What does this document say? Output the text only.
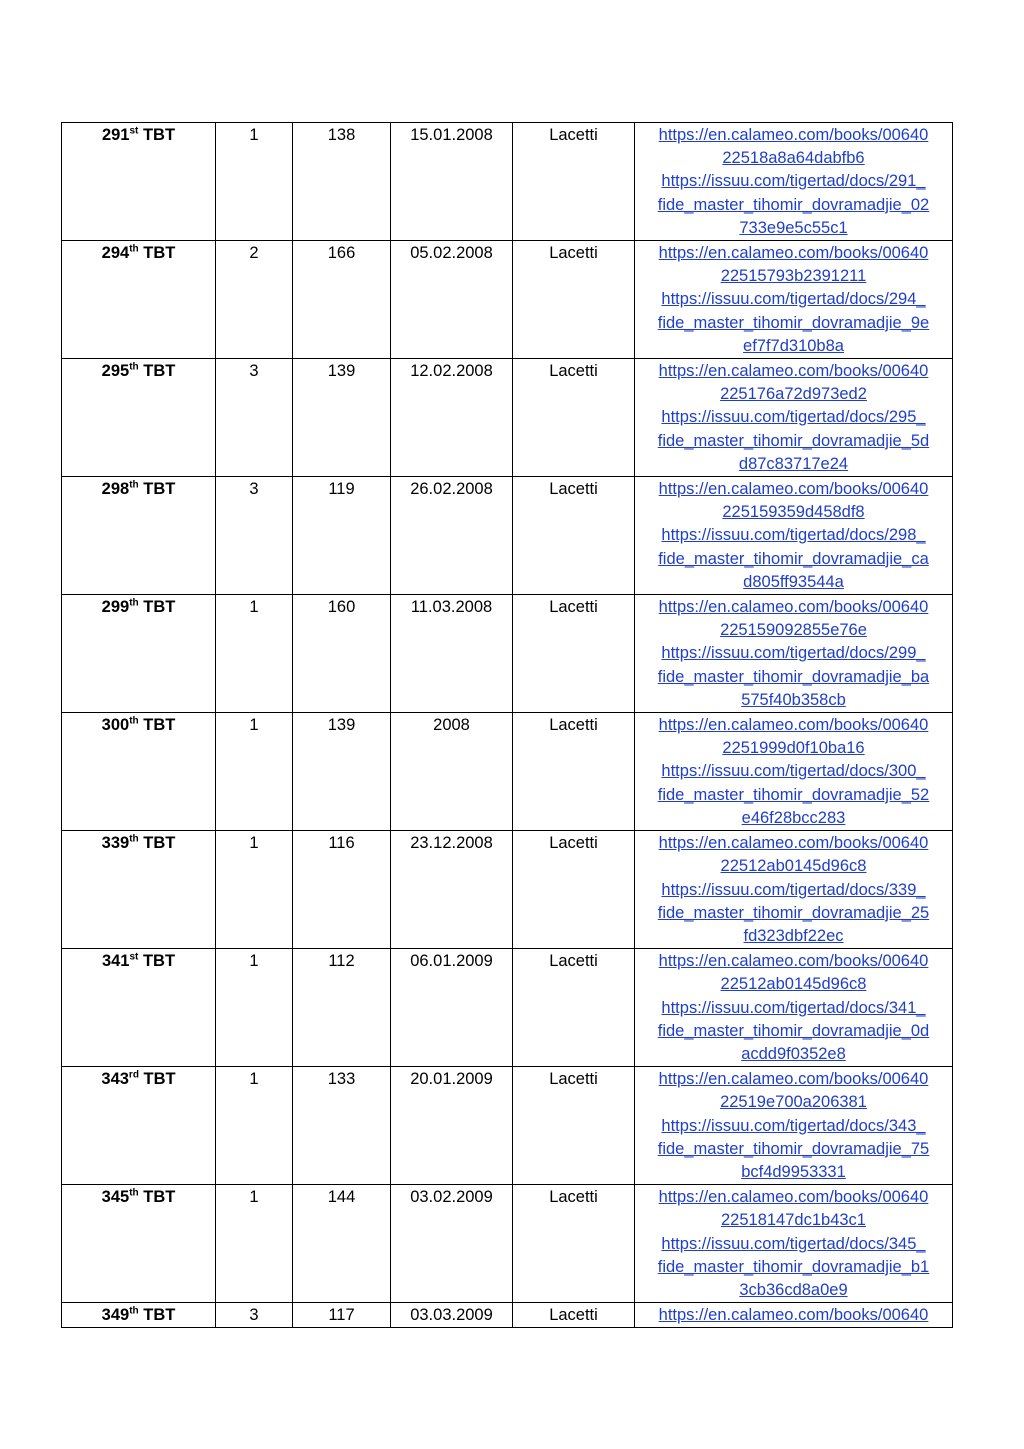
291st TBT	1	138	15.01.2008	Lacetti	https://en.calameo.com/books/00640
22518a8a64dabfb6
https://issuu.com/tigertad/docs/291_
fide_master_tihomir_dovramadjie_02
733e9e5c55c1

294th TBT	2	166	05.02.2008	Lacetti	https://en.calameo.com/books/00640
22515793b2391211
https://issuu.com/tigertad/docs/294_
fide_master_tihomir_dovramadjie_9e
ef7f7d310b8a

295th TBT	3	139	12.02.2008	Lacetti	https://en.calameo.com/books/00640
225176a72d973ed2
https://issuu.com/tigertad/docs/295_
fide_master_tihomir_dovramadjie_5d
d87c83717e24

298th TBT	3	119	26.02.2008	Lacetti	https://en.calameo.com/books/00640
225159359d458df8
https://issuu.com/tigertad/docs/298_
fide_master_tihomir_dovramadjie_ca
d805ff93544a

299th TBT	1	160	11.03.2008	Lacetti	https://en.calameo.com/books/00640
225159092855e76e
https://issuu.com/tigertad/docs/299_
fide_master_tihomir_dovramadjie_ba
575f40b358cb

300th TBT	1	139	2008	Lacetti	https://en.calameo.com/books/00640
2251999d0f10ba16
https://issuu.com/tigertad/docs/300_
fide_master_tihomir_dovramadjie_52
e46f28bcc283

339th TBT	1	116	23.12.2008	Lacetti	https://en.calameo.com/books/00640
22512ab0145d96c8
https://issuu.com/tigertad/docs/339_
fide_master_tihomir_dovramadjie_25
fd323dbf22ec

341st TBT	1	112	06.01.2009	Lacetti	https://en.calameo.com/books/00640
22512ab0145d96c8
https://issuu.com/tigertad/docs/341_
fide_master_tihomir_dovramadjie_0d
acdd9f0352e8

343rd TBT	1	133	20.01.2009	Lacetti	https://en.calameo.com/books/00640
22519e700a206381
https://issuu.com/tigertad/docs/343_
fide_master_tihomir_dovramadjie_75
bcf4d9953331

345th TBT	1	144	03.02.2009	Lacetti	https://en.calameo.com/books/00640
22518147dc1b43c1
https://issuu.com/tigertad/docs/345_
fide_master_tihomir_dovramadjie_b1
3cb36cd8a0e9

349th TBT	3	117	03.03.2009	Lacetti	https://en.calameo.com/books/00640
